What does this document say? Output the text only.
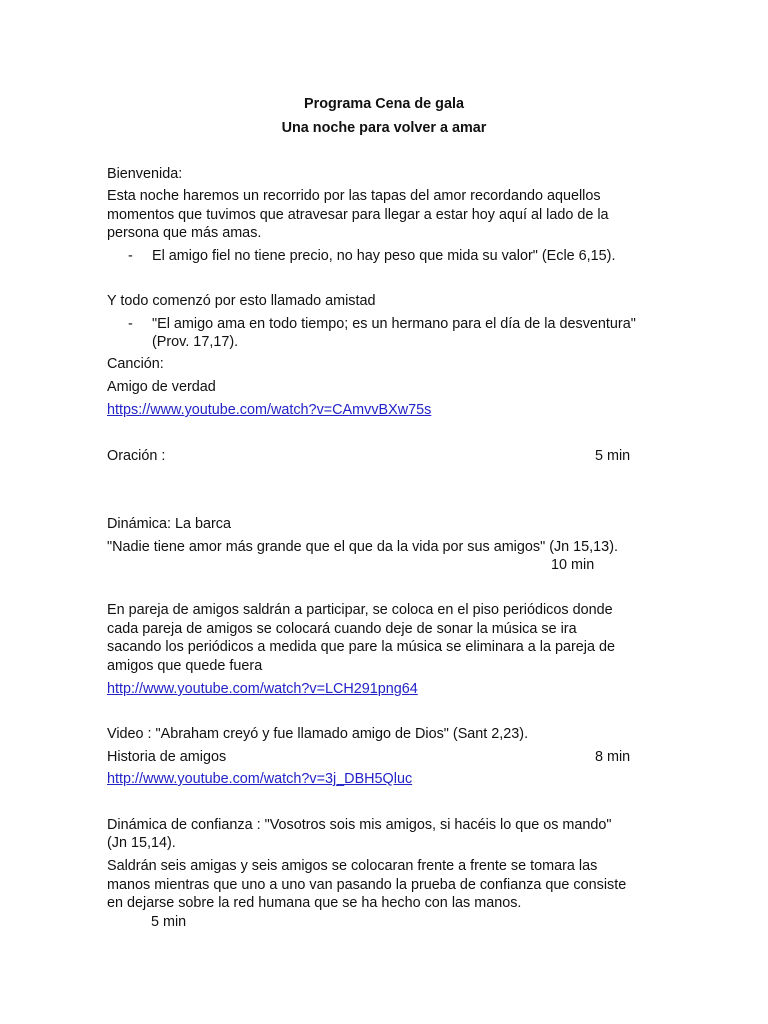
Programa Cena de gala
Una noche para volver a amar
Bienvenida:
Esta noche haremos un recorrido por las tapas del amor recordando aquellos
momentos que tuvimos que atravesar para llegar a estar hoy aquí al lado de la
persona que más amas.
- El amigo fiel no tiene precio, no hay peso que mida su valor" (Ecle 6,15).
Y todo comenzó por esto llamado amistad
- "El amigo ama en todo tiempo; es un hermano para el día de la desventura"
(Prov. 17,17).
Canción:
Amigo de verdad
https://www.youtube.com/watch?v=CAmvvBXw75s
Oración :	5 min
Dinámica: La barca
"Nadie tiene amor más grande que el que da la vida por sus amigos" (Jn 15,13).
10 min
En pareja de amigos saldrán a participar, se coloca en el piso periódicos donde
cada pareja de amigos se colocará cuando deje de sonar la música se ira
sacando los periódicos a medida que pare la música se eliminara a la pareja de
amigos que quede fuera
http://www.youtube.com/watch?v=LCH291png64
Video : "Abraham creyó y fue llamado amigo de Dios" (Sant 2,23).
Historia de amigos	8 min
http://www.youtube.com/watch?v=3j_DBH5Qluc
Dinámica de confianza : "Vosotros sois mis amigos, si hacéis lo que os mando"
(Jn 15,14).
Saldrán seis amigas y seis amigos se colocaran frente a frente se tomara las
manos mientras que uno a uno van pasando la prueba de confianza que consiste
en dejarse sobre la red humana que se ha hecho con las manos.
5 min
